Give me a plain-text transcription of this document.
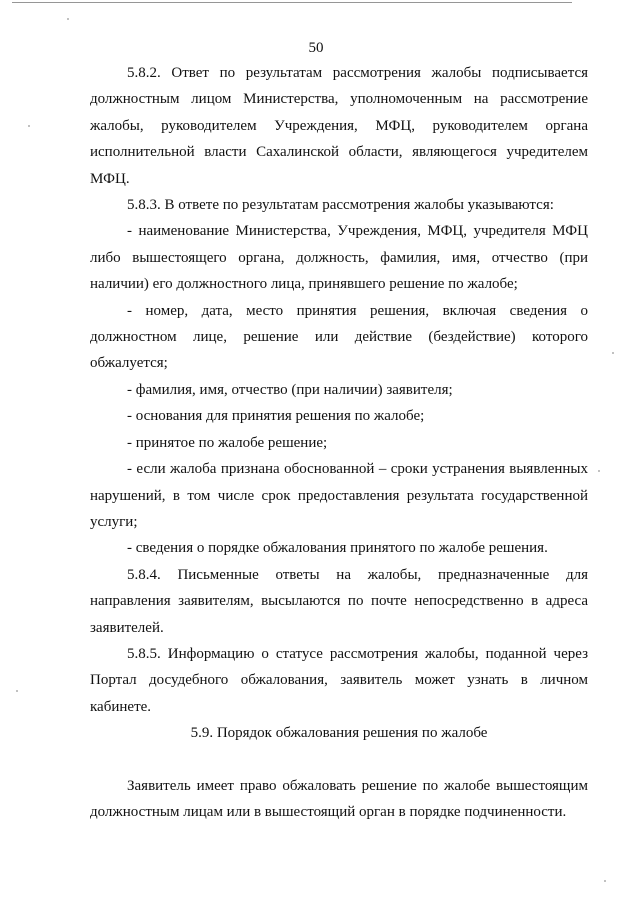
50

5.8.2. Ответ по результатам рассмотрения жалобы подписывается должностным лицом Министерства, уполномоченным на рассмотрение жалобы, руководителем Учреждения, МФЦ, руководителем органа исполнительной власти Сахалинской области, являющегося учредителем МФЦ.

5.8.3. В ответе по результатам рассмотрения жалобы указываются:

- наименование Министерства, Учреждения, МФЦ, учредителя МФЦ либо вышестоящего органа, должность, фамилия, имя, отчество (при наличии) его должностного лица, принявшего решение по жалобе;

- номер, дата, место принятия решения, включая сведения о должностном лице, решение или действие (бездействие) которого обжалуется;

- фамилия, имя, отчество (при наличии) заявителя;

- основания для принятия решения по жалобе;

- принятое по жалобе решение;

- если жалоба признана обоснованной – сроки устранения выявленных нарушений, в том числе срок предоставления результата государственной услуги;

- сведения о порядке обжалования принятого по жалобе решения.

5.8.4. Письменные ответы на жалобы, предназначенные для направления заявителям, высылаются по почте непосредственно в адреса заявителей.

5.8.5. Информацию о статусе рассмотрения жалобы, поданной через Портал досудебного обжалования, заявитель может узнать в личном кабинете.

5.9. Порядок обжалования решения по жалобе

Заявитель имеет право обжаловать решение по жалобе вышестоящим должностным лицам или в вышестоящий орган в порядке подчиненности.
